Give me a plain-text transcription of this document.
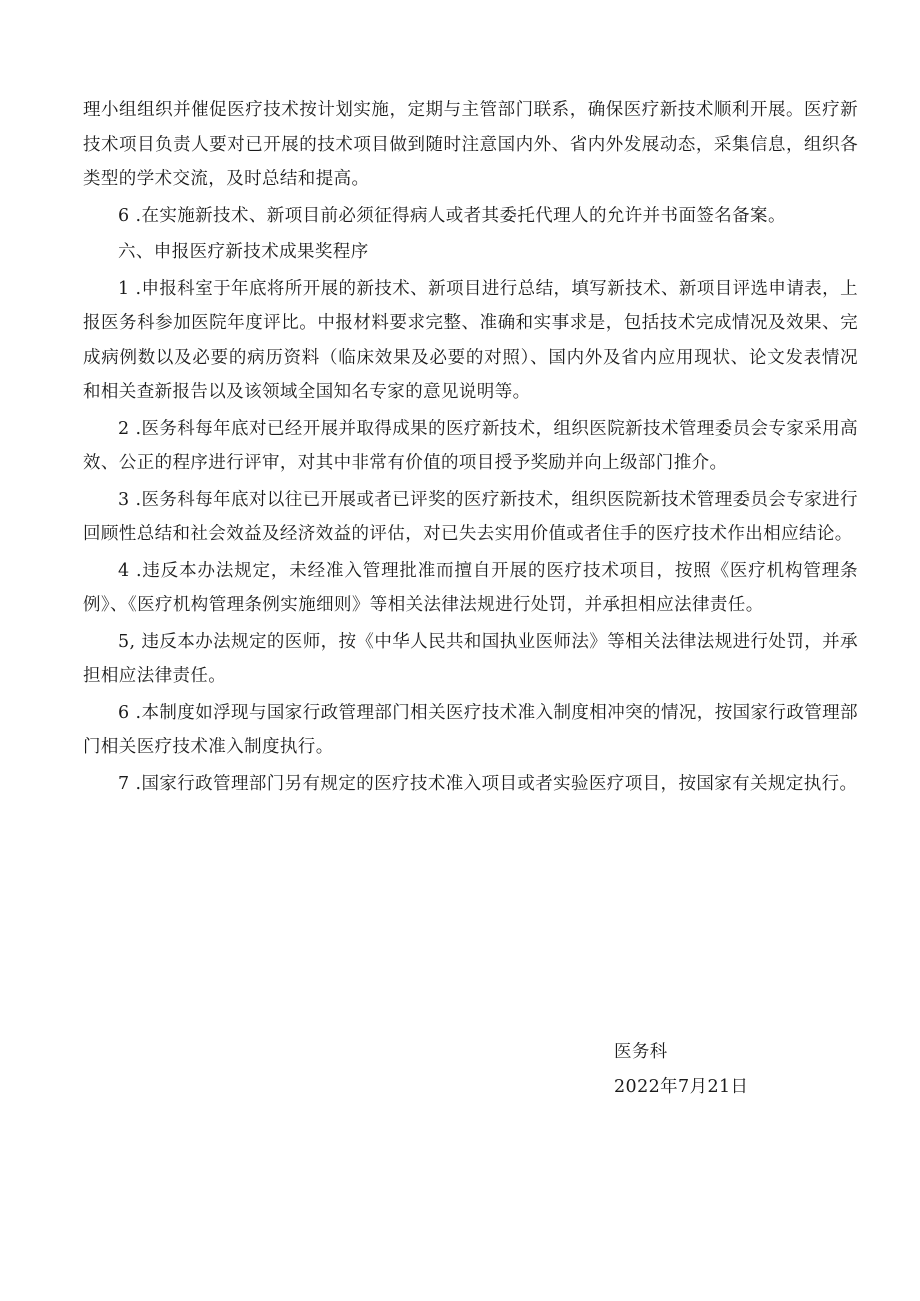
理小组组织并催促医疗技术按计划实施，定期与主管部门联系，确保医疗新技术顺利开展。医疗新技术项目负责人要对已开展的技术项目做到随时注意国内外、省内外发展动态，采集信息，组织各类型的学术交流，及时总结和提高。

6 .在实施新技术、新项目前必须征得病人或者其委托代理人的允许并书面签名备案。

六、申报医疗新技术成果奖程序

1 .申报科室于年底将所开展的新技术、新项目进行总结，填写新技术、新项目评选申请表，上报医务科参加医院年度评比。中报材料要求完整、准确和实事求是，包括技术完成情况及效果、完成病例数以及必要的病历资料（临床效果及必要的对照）、国内外及省内应用现状、论文发表情况和相关查新报告以及该领域全国知名专家的意见说明等。

2 .医务科每年底对已经开展并取得成果的医疗新技术，组织医院新技术管理委员会专家采用高效、公正的程序进行评审，对其中非常有价值的项目授予奖励并向上级部门推介。

3 .医务科每年底对以往已开展或者已评奖的医疗新技术，组织医院新技术管理委员会专家进行回顾性总结和社会效益及经济效益的评估，对已失去实用价值或者住手的医疗技术作出相应结论。

4 .违反本办法规定，未经准入管理批准而擅自开展的医疗技术项目，按照《医疗机构管理条例》、《医疗机构管理条例实施细则》等相关法律法规进行处罚，并承担相应法律责任。

5, 违反本办法规定的医师，按《中华人民共和国执业医师法》等相关法律法规进行处罚，并承担相应法律责任。

6 .本制度如浮现与国家行政管理部门相关医疗技术准入制度相冲突的情况，按国家行政管理部门相关医疗技术准入制度执行。

7 .国家行政管理部门另有规定的医疗技术准入项目或者实验医疗项目，按国家有关规定执行。

医务科

2022年7月21日
